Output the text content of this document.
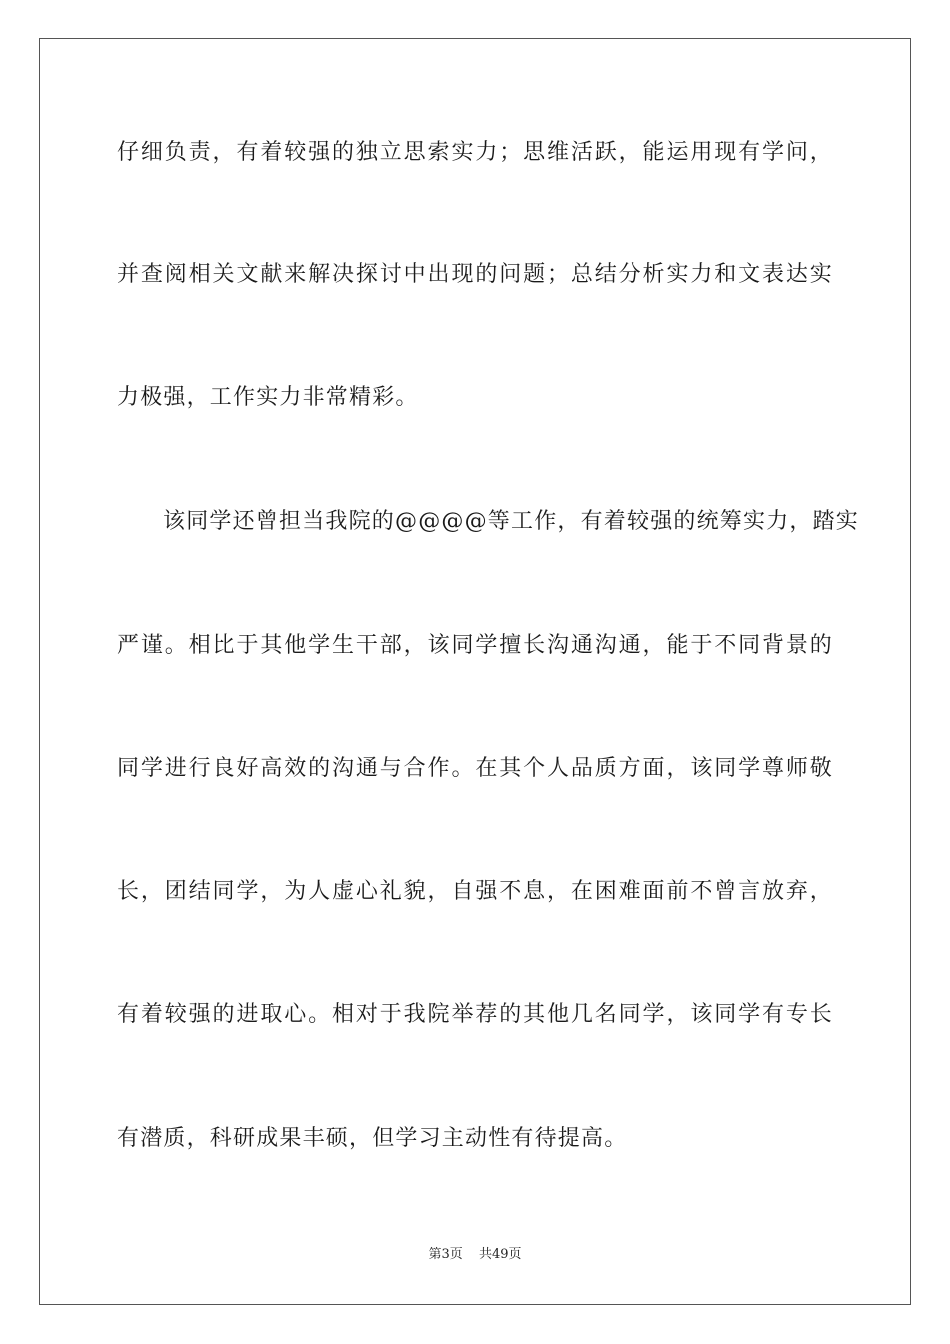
仔细负责，有着较强的独立思索实力；思维活跃，能运用现有学问，
并查阅相关文献来解决探讨中出现的问题；总结分析实力和文表达实
力极强，工作实力非常精彩。
该同学还曾担当我院的@@@@等工作，有着较强的统筹实力，踏实
严谨。相比于其他学生干部，该同学擅长沟通沟通，能于不同背景的
同学进行良好高效的沟通与合作。在其个人品质方面，该同学尊师敬
长，团结同学，为人虚心礼貌，自强不息，在困难面前不曾言放弃，
有着较强的进取心。相对于我院举荐的其他几名同学，该同学有专长
有潜质，科研成果丰硕，但学习主动性有待提高。
第3页 共49页
